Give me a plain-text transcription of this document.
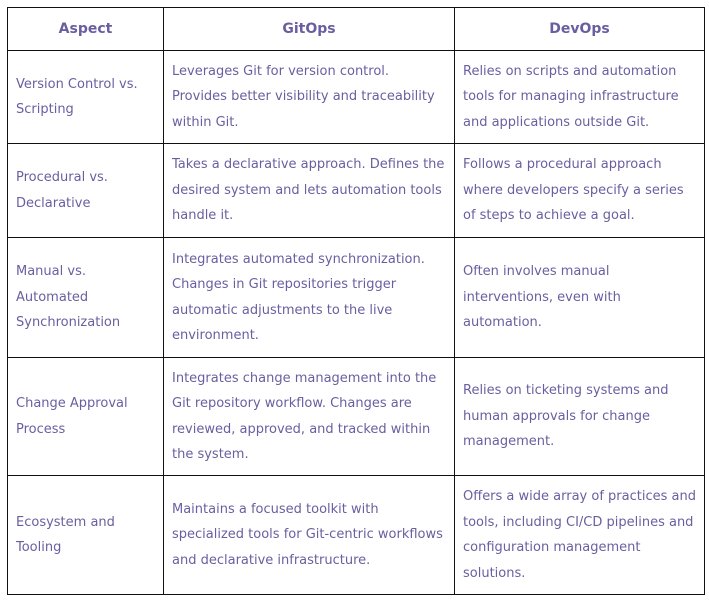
Aspect	GitOps	DevOps
Version Control vs. Scripting	Leverages Git for version control. Provides better visibility and traceability within Git.	Relies on scripts and automation tools for managing infrastructure and applications outside Git.
Procedural vs. Declarative	Takes a declarative approach. Defines the desired system and lets automation tools handle it.	Follows a procedural approach where developers specify a series of steps to achieve a goal.
Manual vs. Automated Synchronization	Integrates automated synchronization. Changes in Git repositories trigger automatic adjustments to the live environment.	Often involves manual interventions, even with automation.
Change Approval Process	Integrates change management into the Git repository workflow. Changes are reviewed, approved, and tracked within the system.	Relies on ticketing systems and human approvals for change management.
Ecosystem and Tooling	Maintains a focused toolkit with specialized tools for Git-centric workflows and declarative infrastructure.	Offers a wide array of practices and tools, including CI/CD pipelines and configuration management solutions.
